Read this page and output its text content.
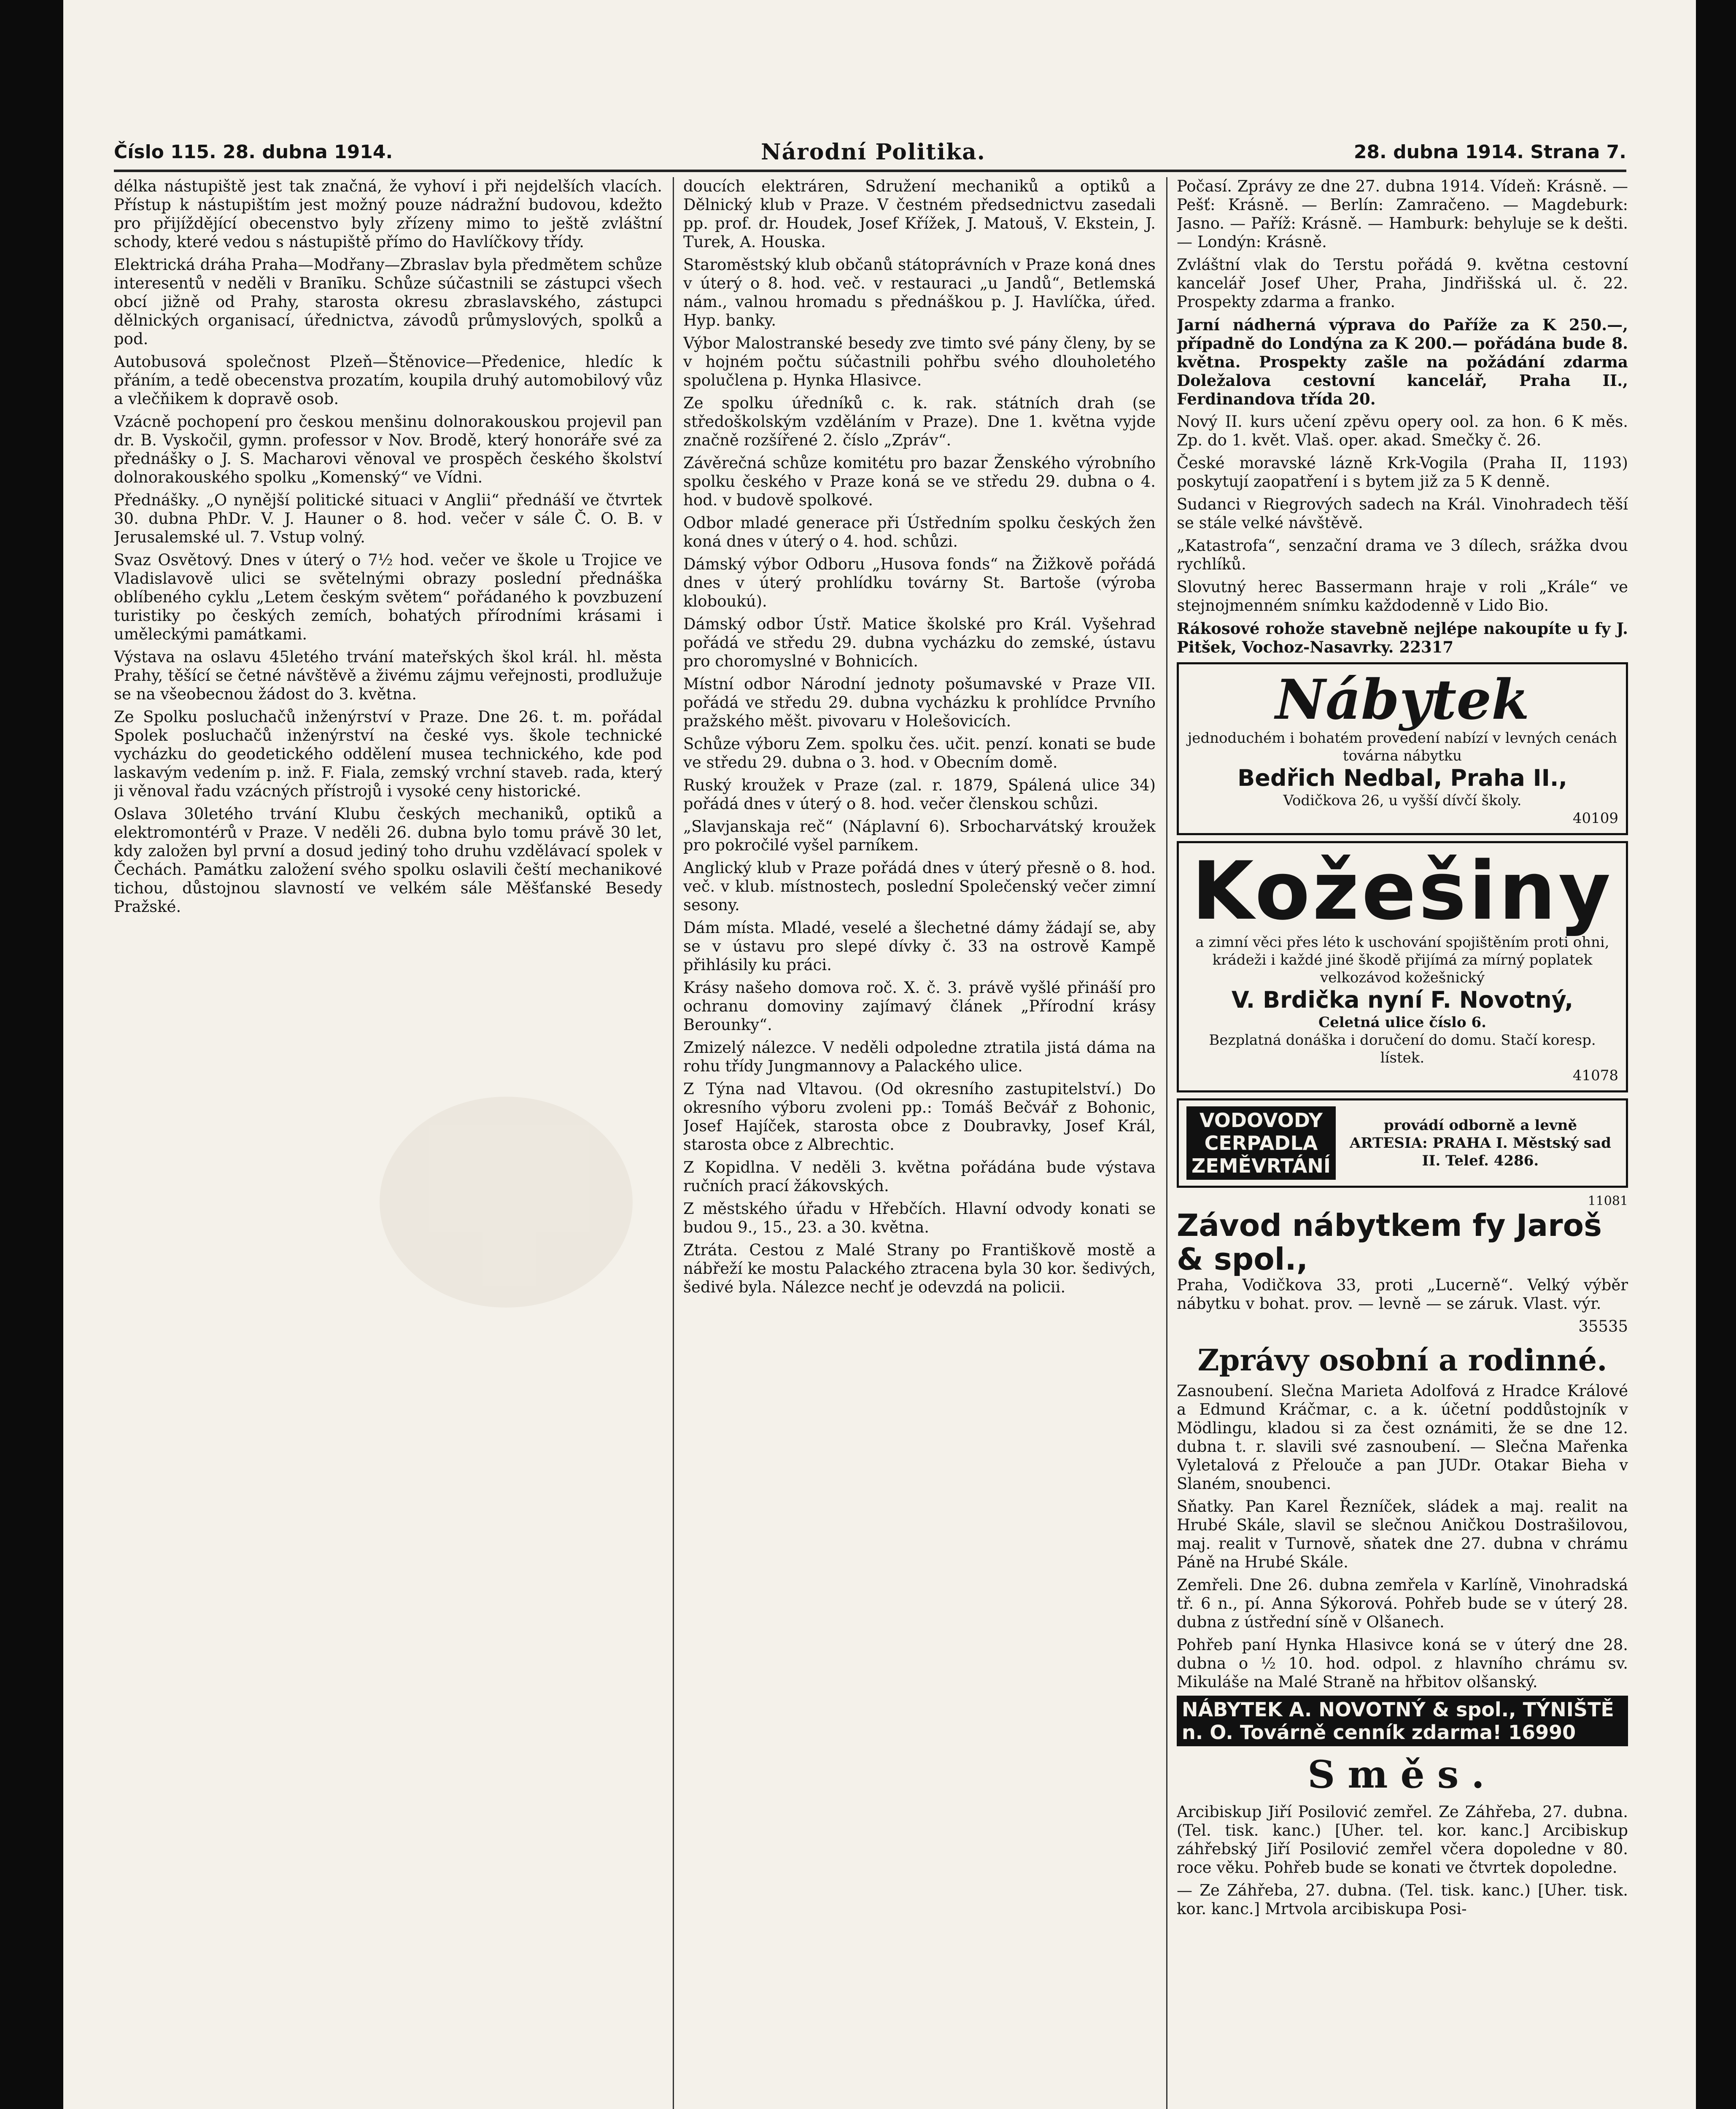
Číslo 115. 28. dubna 1914.	Národní Politika.	28. dubna 1914. Strana 7.

délka nástupiště jest tak značná, že vyhoví i při nejdelších vlacích. Přístup k nástupištím jest možný pouze nádražní budovou, kdežto pro přijíždějící obecenstvo byly zřízeny mimo to ještě zvláštní schody, které vedou s nástupiště přímo do Havlíčkovy třídy.

Elektrická dráha Praha—Modřany—Zbraslav byla předmětem schůze interesentů v neděli v Branīku. Schůze súčastnili se zástupci všech obcí jižně od Prahy, starosta okresu zbraslavského, zástupci dělnických organisací, úřednictva, závodů průmyslových, spolků a pod.

Autobusová společnost Plzeň—Štěnovice—Předenice, hledíc k přáním, a tedě obecenstva prozatím, koupila druhý automobilový vůz a vlečňikem k dopravě osob.

Vzácně pochopení pro českou menšinu dolnorakouskou projevil pan dr. B. Vyskočil, gymn. professor v Nov. Brodě, který honoráře své za přednášky o J. S. Macharovi věnoval ve prospěch českého školství dolnorakouského spolku „Komenský“ ve Vídni.

Přednášky. „O nynější politické situaci v Anglii“ přednáší ve čtvrtek 30. dubna PhDr. V. J. Hauner o 8. hod. večer v sále Č. O. B. v Jerusalemské ul. 7. Vstup volný.

Svaz Osvětový. Dnes v úterý o 7½ hod. večer ve škole u Trojice ve Vladislavově ulici se světelnými obrazy poslední přednáška oblíbeného cyklu „Letem českým světem“ pořádaného k povzbuzení turistiky po českých zemích, bohatých přírodními krásami i uměleckými památkami.

Výstava na oslavu 45letého trvání mateřských škol král. hl. města Prahy, těšící se četné návštěvě a živému zájmu veřejnosti, prodlužuje se na všeobecnou žádost do 3. května.

Ze Spolku posluchačů inženýrství v Praze. Dne 26. t. m. pořádal Spolek posluchačů inženýrství na české vys. škole technické vycházku do geodetického oddělení musea technického, kde pod laskavým vedením p. inž. F. Fiala, zemský vrchní staveb. rada, který ji věnoval řadu vzácných přístrojů i vysoké ceny historické.

Oslava 30letého trvání Klubu českých mechaniků, optiků a elektromontérů v Praze. V neděli 26. dubna bylo tomu právě 30 let, kdy založen byl první a dosud jediný toho druhu vzdělávací spolek v Čechách. Památku založení svého spolku oslavili čeští mechanikové tichou, důstojnou slavností ve velkém sále Měšťanské Besedy Pražské.

doucích elektráren, Sdružení mechaniků a optiků a Dělnický klub v Praze. V čestném předsednictvu zasedali pp. prof. dr. Houdek, Josef Křížek, J. Matouš, V. Ekstein, J. Turek, A. Houska.

Staroměstský klub občanů státoprávních v Praze koná dnes v úterý o 8. hod. več. v restauraci „u Jandů“, Betlemská nám., valnou hromadu s přednáškou p. J. Havlíčka, úřed. Hyp. banky.

Výbor Malostranské besedy zve timto své pány členy, by se v hojném počtu súčastnili pohřbu svého dlouholetého spolučlena p. Hynka Hlasivce.

Ze spolku úředníků c. k. rak. státních drah (se středoškolským vzděláním v Praze). Dne 1. května vyjde značně rozšířené 2. číslo „Zpráv“.

Závěrečná schůze komitétu pro bazar Ženského výrobního spolku českého v Praze koná se ve středu 29. dubna o 4. hod. v budově spolkové.

Odbor mladé generace při Ústředním spolku českých žen koná dnes v úterý o 4. hod. schůzi.

Dámský výbor Odboru „Husova fonds“ na Žižkově pořádá dnes v úterý prohlídku továrny St. Bartoše (výroba kloboukú).

Dámský odbor Ústř. Matice školské pro Král. Vyšehrad pořádá ve středu 29. dubna vycházku do zemské, ústavu pro choromyslné v Bohnicích.

Místní odbor Národní jednoty pošumavské v Praze VII. pořádá ve středu 29. dubna vycházku k prohlídce Prvního pražského měšt. pivovaru v Holešovicích.

Schůze výboru Zem. spolku čes. učit. penzí. konati se bude ve středu 29. dubna o 3. hod. v Obecním domě.

Ruský kroužek v Praze (zal. r. 1879, Spálená ulice 34) pořádá dnes v úterý o 8. hod. večer členskou schůzi.

„Slavjanskaja reč“ (Náplavní 6). Srbocharvátský kroužek pro pokročilé vyšel parníkem.

Anglický klub v Praze pořádá dnes v úterý přesně o 8. hod. več. v klub. místnostech, poslední Společenský večer zimní sesony.

Dám místa. Mladé, veselé a šlechetné dámy žádají se, aby se v ústavu pro slepé dívky č. 33 na ostrově Kampě přihlásily ku práci.

Krásy našeho domova roč. X. č. 3. právě vyšlé přináší pro ochranu domoviny zajímavý článek „Přírodní krásy Berounky“.

Zmizelý nálezce. V neděli odpoledne ztratila jistá dáma na rohu třídy Jungmannovy a Palackého ulice.

Z Týna nad Vltavou. (Od okresního zastupitelství.) Do okresního výboru zvoleni pp.: Tomáš Bečvář z Bohonic, Josef Hajíček, starosta obce z Doubravky, Josef Král, starosta obce z Albrechtic.

Z Kopidlna. V neděli 3. května pořádána bude výstava ručních prací žákovských.

Z městského úřadu v Hřebčích. Hlavní odvody konati se budou 9., 15., 23. a 30. května.

Ztráta. Cestou z Malé Strany po Františkově mostě a nábřeží ke mostu Palackého ztracena byla 30 kor. šedivých, šedivé byla. Nálezce nechť je odevzdá na policii.

Počasí. Zprávy ze dne 27. dubna 1914. Vídeň: Krásně. — Pešť: Krásně. — Berlín: Zamračeno. — Magdeburk: Jasno. — Paříž: Krásně. — Hamburk: behyluje se k dešti. — Londýn: Krásně.

Zvláštní vlak do Terstu pořádá 9. května cestovní kancelář Josef Uher, Praha, Jindřišská ul. č. 22. Prospekty zdarma a franko.

Jarní nádherná výprava do Paříže za K 250.—, případně do Londýna za K 200.— pořádána bude 8. května. Prospekty zašle na požádání zdarma Doležalova cestovní kancelář, Praha II., Ferdinandova třída 20.

Nový II. kurs učení zpěvu opery ool. za hon. 6 K měs. Zp. do 1. květ. Vlaš. oper. akad. Smečky č. 26.

České moravské lázně Krk-Vogila (Praha II, 1193) poskytují zaopatření i s bytem již za 5 K denně.

Sudanci v Riegrových sadech na Král. Vinohradech těší se stále velké návštěvě.

„Katastrofa“, senzační drama ve 3 dílech, srážka dvou rychlíků.

Slovutný herec Bassermann hraje v roli „Krále“ ve stejnojmenném snímku každodenně v Lido Bio.

Rákosové rohože stavebně nejlépe nakoupíte u fy J. Pitšek, Vochoz-Nasavrky. 22317

Nábytek
jednoduchém i bohatém provedení nabízí v levných cenách továrna nábytku
Bedřich Nedbal, Praha II.,
Vodičkova 26, u vyšší dívčí školy.
40109
Kožešiny
a zimní věci přes léto k uschování spojištěním proti ohni, krádeži i každé jiné škodě přijímá za mírný poplatek velkozávod kožešnický
V. Brdička nyní F. Novotný,
Celetná ulice číslo 6.
Bezplatná donáška i doručení do domu. Stačí koresp. lístek.
41078
VODOVODY CERPADLA ZEMĚVRTÁNÍ
provádí odborně a levně ARTESIA: PRAHA I. Městský sad II. Telef. 4286.
11081
Závod nábytkem fy Jaroš & spol.,

Praha, Vodičkova 33, proti „Lucerně“. Velký výběr nábytku v bohat. prov. — levně — se záruk. Vlast. výr.

35535

Zprávy osobní a rodinné.

Zasnoubení. Slečna Marieta Adolfová z Hradce Králové a Edmund Kráčmar, c. a k. účetní poddůstojník v Mödlingu, kladou si za čest oznámiti, že se dne 12. dubna t. r. slavili své zasnoubení. — Slečna Mařenka Vyletalová z Přelouče a pan JUDr. Otakar Bieha v Slaném, snoubenci.

Sňatky. Pan Karel Řezníček, sládek a maj. realit na Hrubé Skále, slavil se slečnou Aničkou Dostrašilovou, maj. realit v Turnově, sňatek dne 27. dubna v chrámu Páně na Hrubé Skále.

Zemřeli. Dne 26. dubna zemřela v Karlíně, Vinohradská tř. 6 n., pí. Anna Sýkorová. Pohřeb bude se v úterý 28. dubna z ústřední síně v Olšanech.

Pohřeb paní Hynka Hlasivce koná se v úterý dne 28. dubna o ½ 10. hod. odpol. z hlavního chrámu sv. Mikuláše na Malé Straně na hřbitov olšanský.

NÁBYTEK A. NOVOTNÝ & spol., TÝNIŠTĚ n. O. Továrně cenník zdarma! 16990
Směs.

Arcibiskup Jiří Posilović zemřel. Ze Záhřeba, 27. dubna. (Tel. tisk. kanc.) [Uher. tel. kor. kanc.] Arcibiskup záhřebský Jiří Posilović zemřel včera dopoledne v 80. roce věku. Pohřeb bude se konati ve čtvrtek dopoledne.

— Ze Záhřeba, 27. dubna. (Tel. tisk. kanc.) [Uher. tisk. kor. kanc.] Mrtvola arcibiskupa Posi-
